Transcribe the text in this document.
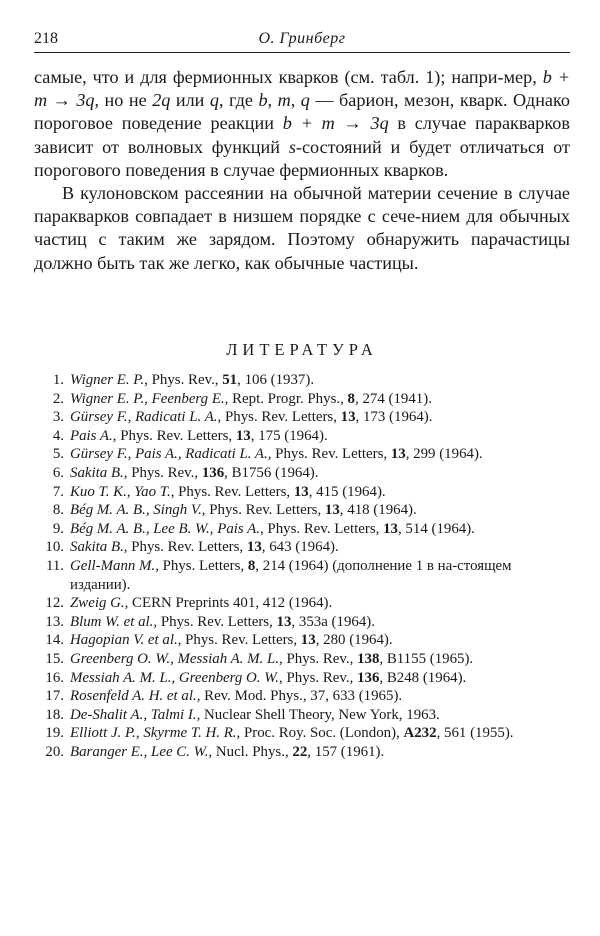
218	О. Гринберг

самые, что и для фермионных кварков (см. табл. 1); напри-мер, b + m → 3q, но не 2q или q, где b, m, q — барион, мезон, кварк. Однако пороговое поведение реакции b + m → 3q в случае паракварков зависит от волновых функций s-состояний и будет отличаться от порогового поведения в случае фермионных кварков.

В кулоновском рассеянии на обычной материи сечение в случае паракварков совпадает в низшем порядке с сече-нием для обычных частиц с таким же зарядом. Поэтому обнаружить парачастицы должно быть так же легко, как обычные частицы.

ЛИТЕРАТУРА
1. Wigner E. P., Phys. Rev., 51, 106 (1937).
2. Wigner E. P., Feenberg E., Rept. Progr. Phys., 8, 274 (1941).
3. Gürsey F., Radicati L. A., Phys. Rev. Letters, 13, 173 (1964).
4. Pais A., Phys. Rev. Letters, 13, 175 (1964).
5. Gürsey F., Pais A., Radicati L. A., Phys. Rev. Letters, 13, 299 (1964).
6. Sakita B., Phys. Rev., 136, B1756 (1964).
7. Kuo T. K., Yao T., Phys. Rev. Letters, 13, 415 (1964).
8. Bég M. A. B., Singh V., Phys. Rev. Letters, 13, 418 (1964).
9. Bég M. A. B., Lee B. W., Pais A., Phys. Rev. Letters, 13, 514 (1964).
10. Sakita B., Phys. Rev. Letters, 13, 643 (1964).
11. Gell-Mann M., Phys. Letters, 8, 214 (1964) (дополнение 1 в на-стоящем издании).
12. Zweig G., CERN Preprints 401, 412 (1964).
13. Blum W. et al., Phys. Rev. Letters, 13, 353a (1964).
14. Hagopian V. et al., Phys. Rev. Letters, 13, 280 (1964).
15. Greenberg O. W., Messiah A. M. L., Phys. Rev., 138, B1155 (1965).
16. Messiah A. M. L., Greenberg O. W., Phys. Rev., 136, B248 (1964).
17. Rosenfeld A. H. et al., Rev. Mod. Phys., 37, 633 (1965).
18. De-Shalit A., Talmi I., Nuclear Shell Theory, New York, 1963.
19. Elliott J. P., Skyrme T. H. R., Proc. Roy. Soc. (London), A232, 561 (1955).
20. Baranger E., Lee C. W., Nucl. Phys., 22, 157 (1961).
